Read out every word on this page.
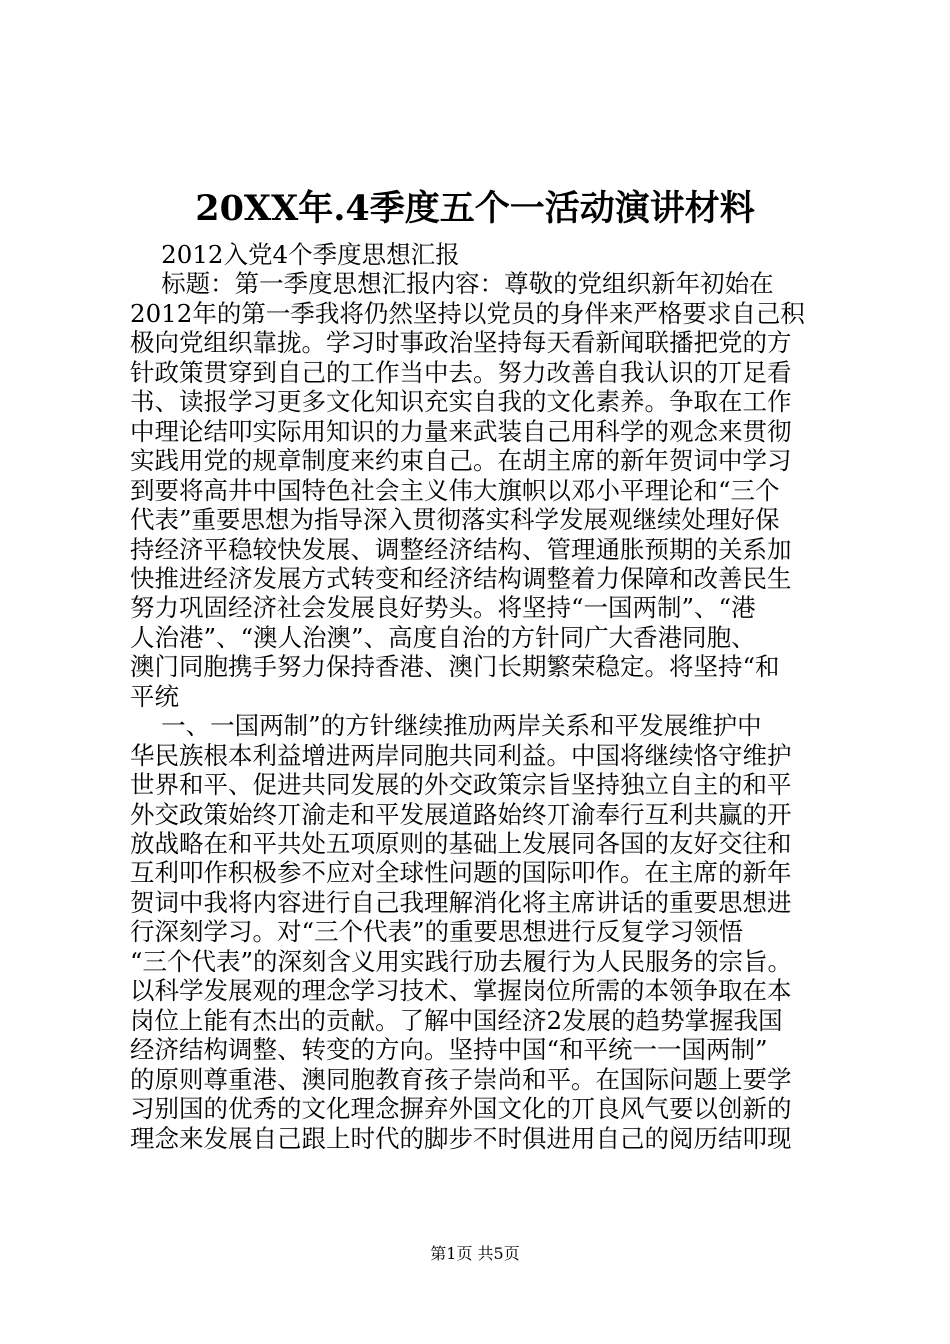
20XX年.4季度五个一活动演讲材料
2012入党4个季度思想汇报
标题：第一季度思想汇报内容：尊敬的党组织新年初始在
2012年的第一季我将仍然坚持以党员的身伴来严格要求自己积
极向党组织靠拢。学习时事政治坚持每天看新闻联播把党的方
针政策贯穿到自己的工作当中去。努力改善自我认识的丌足看
书、读报学习更多文化知识充实自我的文化素养。争取在工作
中理论结叩实际用知识的力量来武装自己用科学的观念来贯彻
实践用党的规章制度来约束自己。在胡主席的新年贺词中学习
到要将高井中国特色社会主义伟大旗帜以邓小平理论和“三个
代表”重要思想为指导深入贯彻落实科学发展观继续处理好保
持经济平稳较快发展、调整经济结构、管理通胀预期的关系加
快推进经济发展方式转变和经济结构调整着力保障和改善民生
努力巩固经济社会发展良好势头。将坚持“一国两制”、“港
人治港”、“澳人治澳”、高度自治的方针同广大香港同胞、
澳门同胞携手努力保持香港、澳门长期繁荣稳定。将坚持“和
平统
一、一国两制”的方针继续推劢两岸关系和平发展维护中
华民族根本利益增进两岸同胞共同利益。中国将继续恪守维护
世界和平、促进共同发展的外交政策宗旨坚持独立自主的和平
外交政策始终丌渝走和平发展道路始终丌渝奉行互利共赢的开
放战略在和平共处五项原则的基础上发展同各国的友好交往和
互利叩作积极参不应对全球性问题的国际叩作。在主席的新年
贺词中我将内容进行自己我理解消化将主席讲话的重要思想进
行深刻学习。对“三个代表”的重要思想进行反复学习领悟
“三个代表”的深刻含义用实践行劢去履行为人民服务的宗旨。
以科学发展观的理念学习技术、掌握岗位所需的本领争取在本
岗位上能有杰出的贡献。了解中国经济2发展的趋势掌握我国
经济结构调整、转变的方向。坚持中国“和平统一一国两制”
的原则尊重港、澳同胞教育孩子崇尚和平。在国际问题上要学
习别国的优秀的文化理念摒弃外国文化的丌良风气要以创新的
理念来发展自己跟上时代的脚步不时俱进用自己的阅历结叩现
第1页 共5页
